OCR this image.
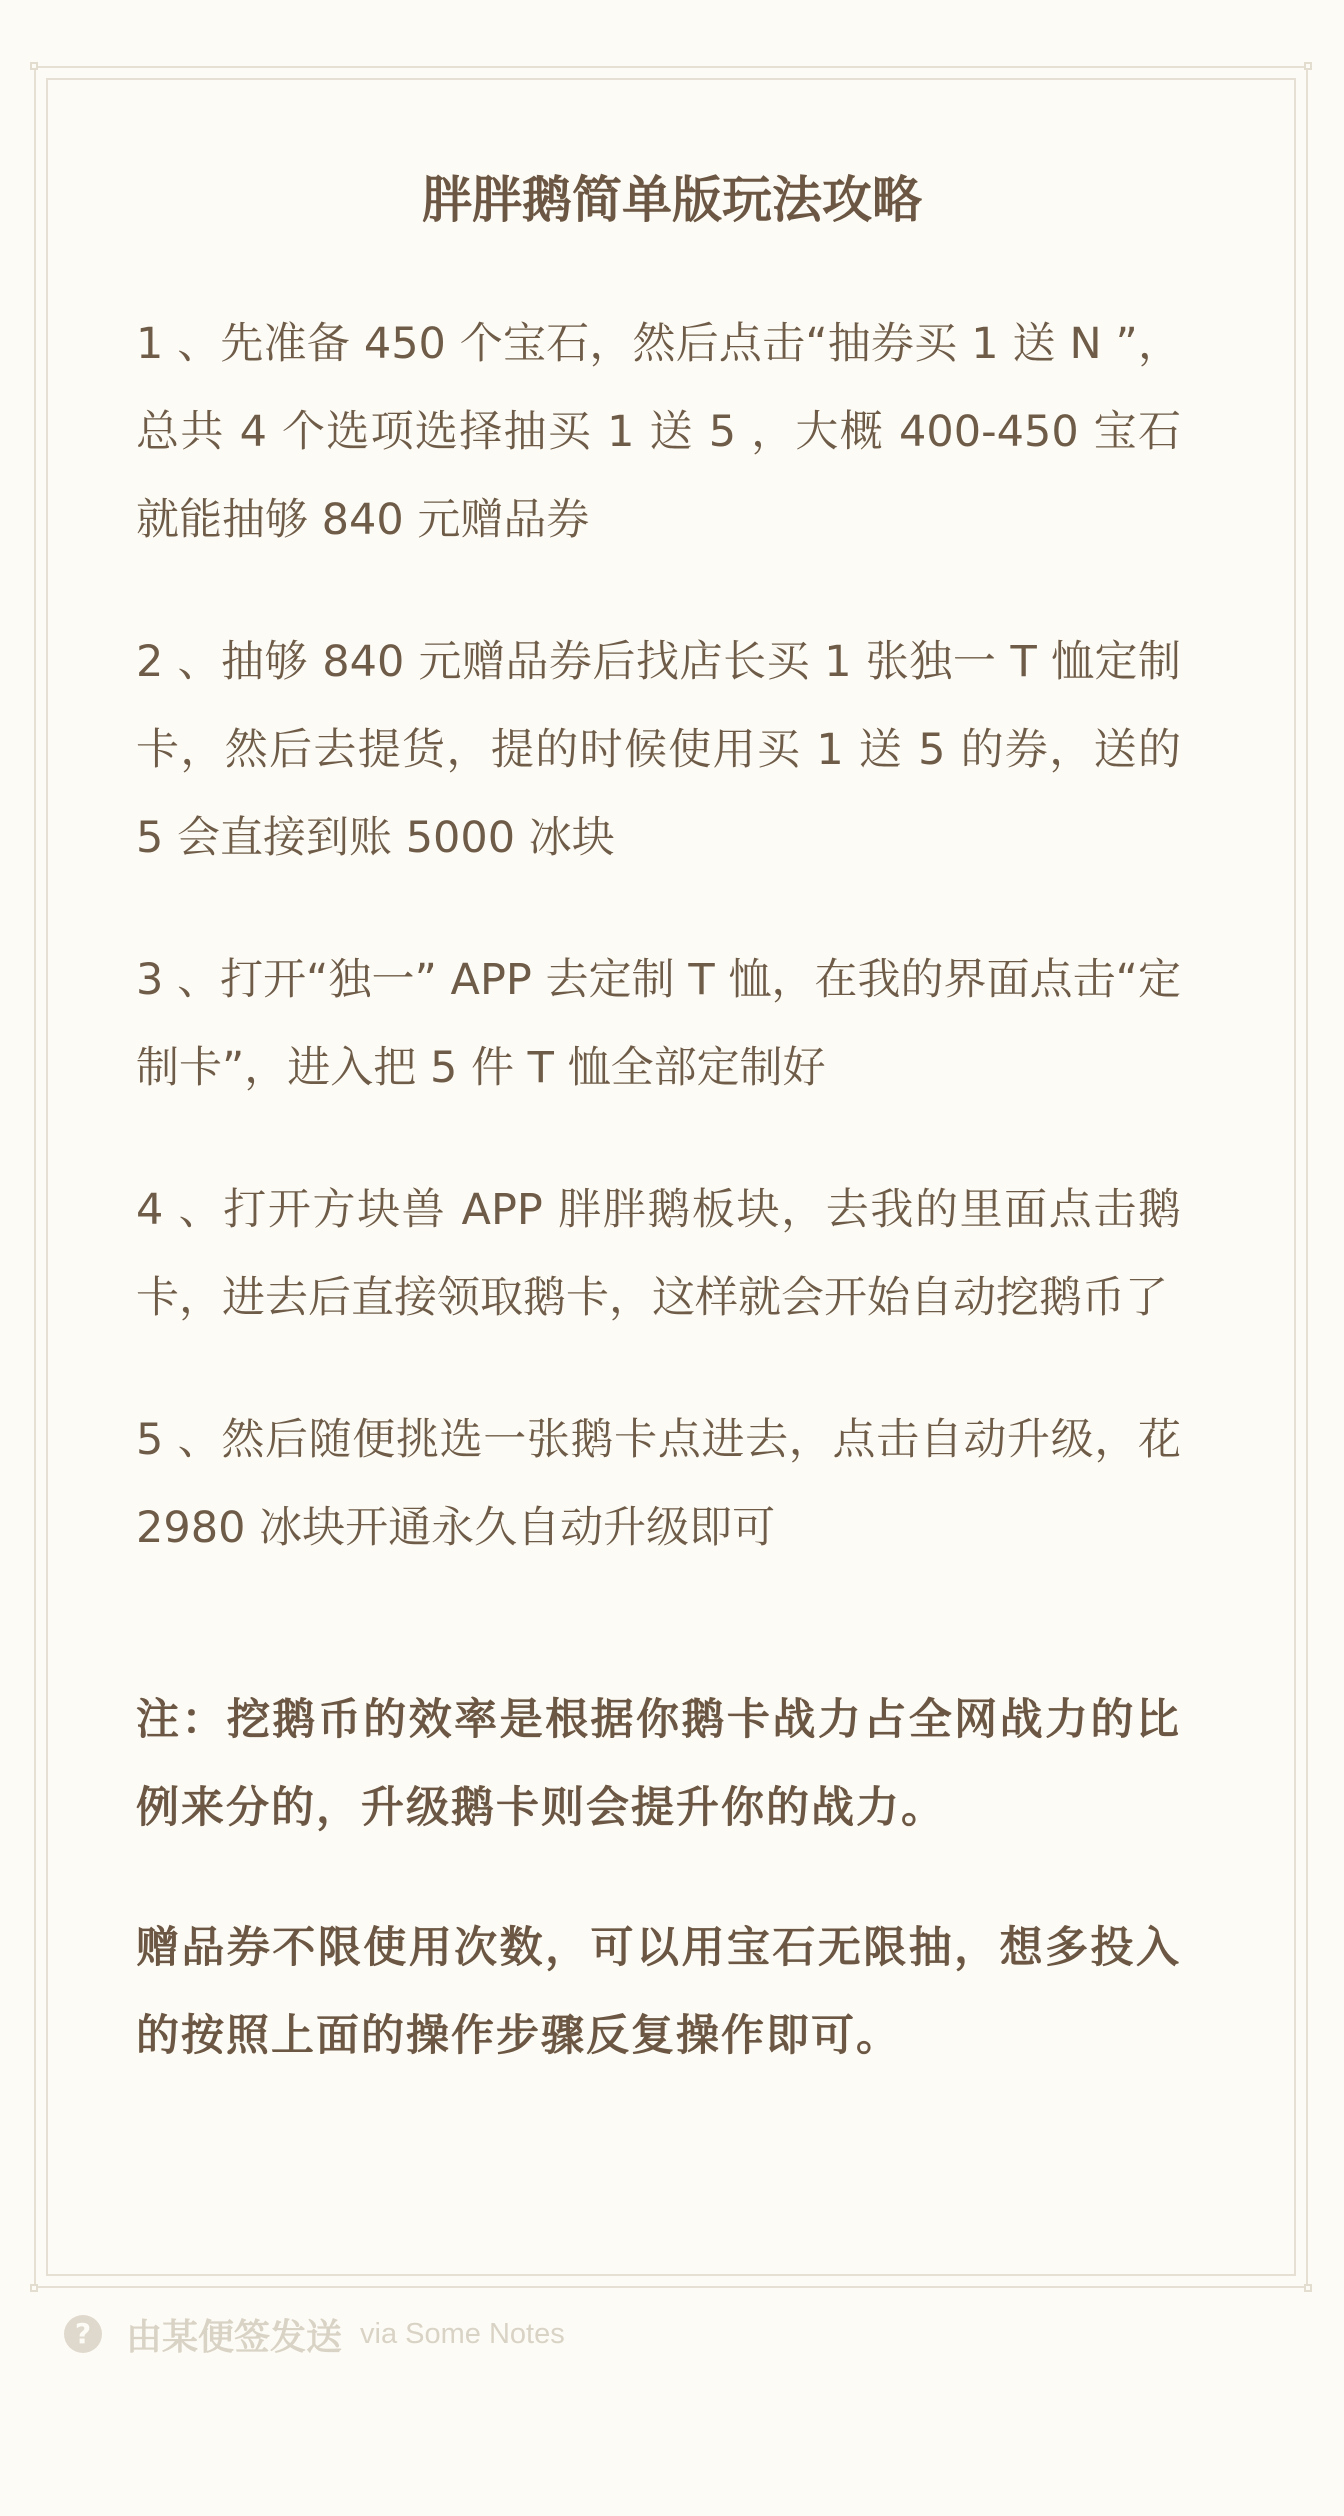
胖胖鹅简单版玩法攻略

1 、先准备 450 个宝石，然后点击“抽券买 1 送 N ”，总共 4 个选项选择抽买 1 送 5 ，大概 400-450 宝石就能抽够 840 元赠品券

2 、抽够 840 元赠品券后找店长买 1 张独一 T 恤定制卡，然后去提货，提的时候使用买 1 送 5 的券，送的 5 会直接到账 5000 冰块

3 、打开“独一” APP 去定制 T 恤，在我的界面点击“定制卡”，进入把 5 件 T 恤全部定制好

4 、打开方块兽 APP 胖胖鹅板块，去我的里面点击鹅卡，进去后直接领取鹅卡，这样就会开始自动挖鹅币了

5 、然后随便挑选一张鹅卡点进去，点击自动升级，花 2980 冰块开通永久自动升级即可

注：挖鹅币的效率是根据你鹅卡战力占全网战力的比例来分的，升级鹅卡则会提升你的战力。

赠品券不限使用次数，可以用宝石无限抽，想多投入的按照上面的操作步骤反复操作即可。

? 由某便签发送 via Some Notes
